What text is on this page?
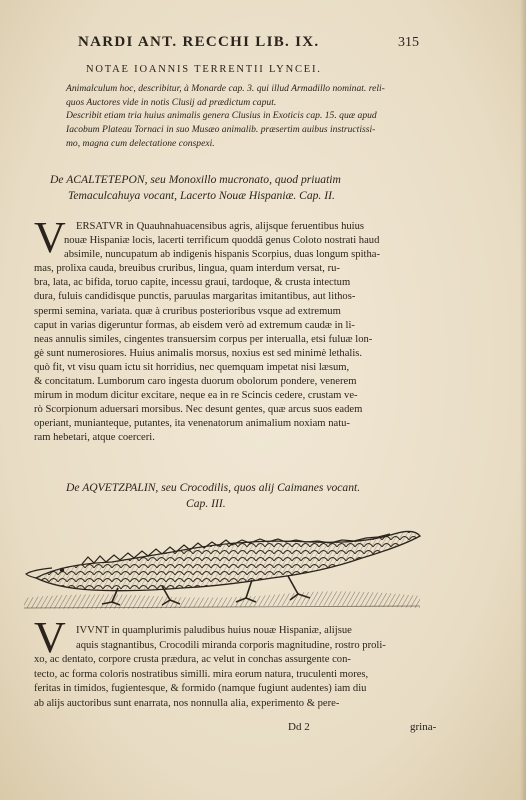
NARDI ANT. RECCHI LIB. IX.	315
NOTAE IOANNIS TERRENTII LYNCEI.
Animalculum hoc, describitur, à Monarde cap. 3. qui illud Armadillo nominat. reli-
quos Auctores vide in notis Clusij ad prædictum caput.
Describit etiam tria huius animalis genera Clusius in Exoticis cap. 15. quæ apud
Iacobum Plateau Tornaci in suo Musæo animalib. præsertim auibus instructissi-
mo, magna cum delectatione conspexi.
De ACALTETEPON, seu Monoxillo mucronato, quod priuatim
Temaculcahuya vocant, Lacerto Nouæ Hispaniæ. Cap. II.
V ERSATVR in Quauhnahuacensibus agris, alijsque feruentibus huius
nouæ Hispaniæ locis, lacerti terrificum quoddã genus Coloto nostrati haud
absimile, nuncupatum ab indigenis hispanis Scorpius, duas longum spitha-
mas, prolixa cauda, breuibus cruribus, lingua, quam interdum versat, ru-
bra, lata, ac bifida, toruo capite, incessu graui, tardoque, & crusta intectum
dura, fuluis candidisque punctis, paruulas margaritas imitantibus, aut lithos-
spermi semina, variata. quæ à cruribus posterioribus vsque ad extremum
caput in varias digeruntur formas, ab eisdem verò ad extremum caudæ in li-
neas annulis similes, cingentes transuersim corpus per interualla, etsi fuluæ lon-
gè sunt numerosiores. Huius animalis morsus, noxius est sed minimè lethalis.
quò fit, vt visu quam ictu sit horridius, nec quemquam impetat nisi læsum,
& concitatum. Lumborum caro ingesta duorum obolorum pondere, venerem
mirum in modum dicitur excitare, neque ea in re Scincis cedere, crustam ve-
rò Scorpionum aduersari morsibus. Nec desunt gentes, quæ arcus suos eadem
operiant, munianteque, putantes, ita venenatorum animalium noxiam natu-
ram hebetari, atque coerceri.
De AQVETZPALIN, seu Crocodilis, quos alij Caimanes vocant.
Cap. III.
V IVVNT in quamplurimis paludibus huius nouæ Hispaniæ, alijsue
aquis stagnantibus, Crocodili miranda corporis magnitudine, rostro proli-
xo, ac dentato, corpore crusta prædura, ac velut in conchas assurgente con-
tecto, ac forma coloris nostratibus similli. mira eorum natura, truculenti mores,
feritas in timidos, fugientesque, & formido (namque fugiunt audentes) iam diu
ab alijs auctoribus sunt enarrata, nos nonnulla alia, experimento & pere-
Dd 2	grina-
